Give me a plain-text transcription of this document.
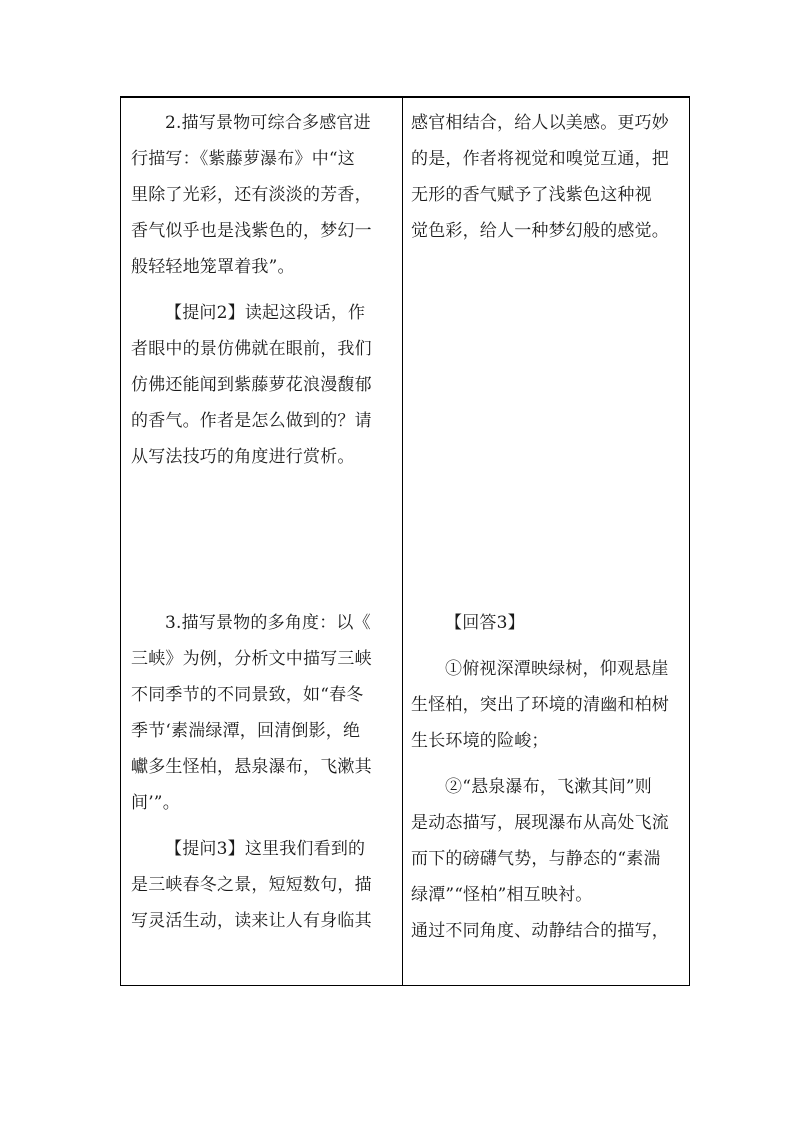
2.描写景物可综合多感官进
行描写：《紫藤萝瀑布》中“这
里除了光彩，还有淡淡的芳香，
香气似乎也是浅紫色的，梦幻一
般轻轻地笼罩着我”。
【提问2】读起这段话，作
者眼中的景仿佛就在眼前，我们
仿佛还能闻到紫藤萝花浪漫馥郁
的香气。作者是怎么做到的？请
从写法技巧的角度进行赏析。
感官相结合，给人以美感。更巧妙
的是，作者将视觉和嗅觉互通，把
无形的香气赋予了浅紫色这种视
觉色彩，给人一种梦幻般的感觉。
3.描写景物的多角度：以《
三峡》为例，分析文中描写三峡
不同季节的不同景致，如“春冬
季节‘素湍绿潭，回清倒影，绝
巘多生怪柏，悬泉瀑布，飞漱其
间’”。
【提问3】这里我们看到的
是三峡春冬之景，短短数句，描
写灵活生动，读来让人有身临其
【回答3】
①俯视深潭映绿树，仰观悬崖
生怪柏，突出了环境的清幽和柏树
生长环境的险峻；
②“悬泉瀑布，飞漱其间”则
是动态描写，展现瀑布从高处飞流
而下的磅礴气势，与静态的“素湍
绿潭”“怪柏”相互映衬。
通过不同角度、动静结合的描写，
